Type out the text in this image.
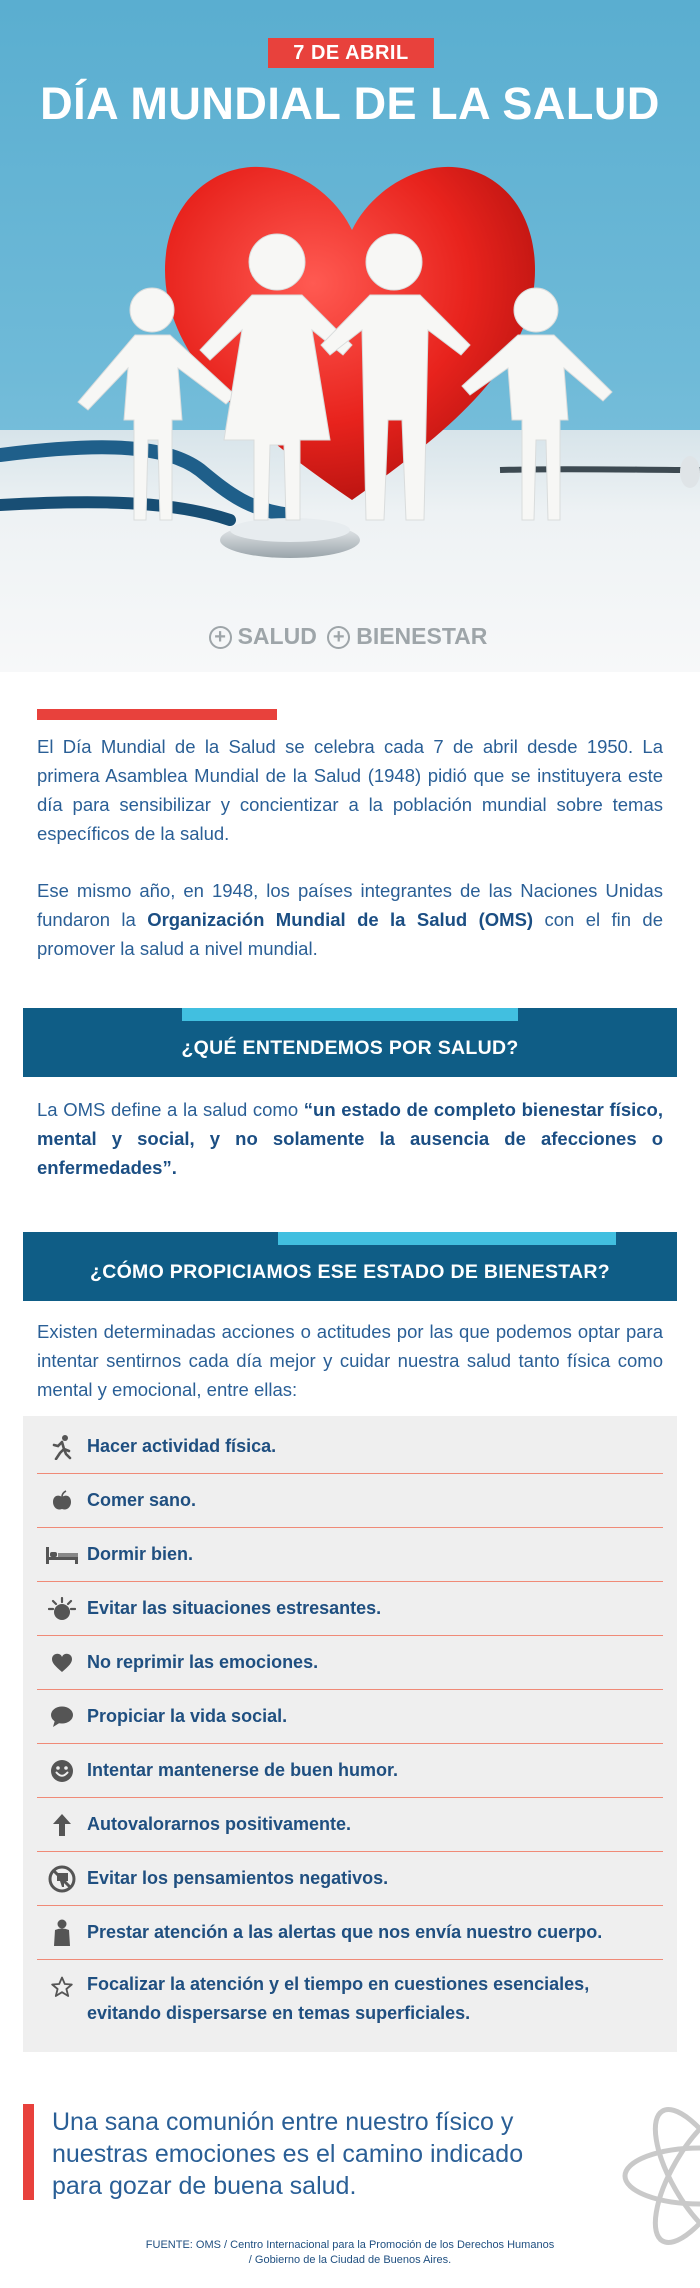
7 DE ABRIL
DÍA MUNDIAL DE LA SALUD
+ SALUD + BIENESTAR

El Día Mundial de la Salud se celebra cada 7 de abril desde 1950. La primera Asamblea Mundial de la Salud (1948) pidió que se instituyera este día para sensibilizar y concientizar a la población mundial sobre temas específicos de la salud.

Ese mismo año, en 1948, los países integrantes de las Naciones Unidas fundaron la Organización Mundial de la Salud (OMS) con el fin de promover la salud a nivel mundial.

¿QUÉ ENTENDEMOS POR SALUD?

La OMS define a la salud como “un estado de completo bienestar físico, mental y social, y no solamente la ausencia de afecciones o enfermedades”.

¿CÓMO PROPICIAMOS ESE ESTADO DE BIENESTAR?

Existen determinadas acciones o actitudes por las que podemos optar para intentar sentirnos cada día mejor y cuidar nuestra salud tanto física como mental y emocional, entre ellas:

Hacer actividad física.
Comer sano.
Dormir bien.
Evitar las situaciones estresantes.
No reprimir las emociones.
Propiciar la vida social.
Intentar mantenerse de buen humor.
Autovalorarnos positivamente.
Evitar los pensamientos negativos.
Prestar atención a las alertas que nos envía nuestro cuerpo.
Focalizar la atención y el tiempo en cuestiones esenciales, evitando dispersarse en temas superficiales.

Una sana comunión entre nuestro físico y nuestras emociones es el camino indicado para gozar de buena salud.

FUENTE: OMS / Centro Internacional para la Promoción de los Derechos Humanos
/ Gobierno de la Ciudad de Buenos Aires.
